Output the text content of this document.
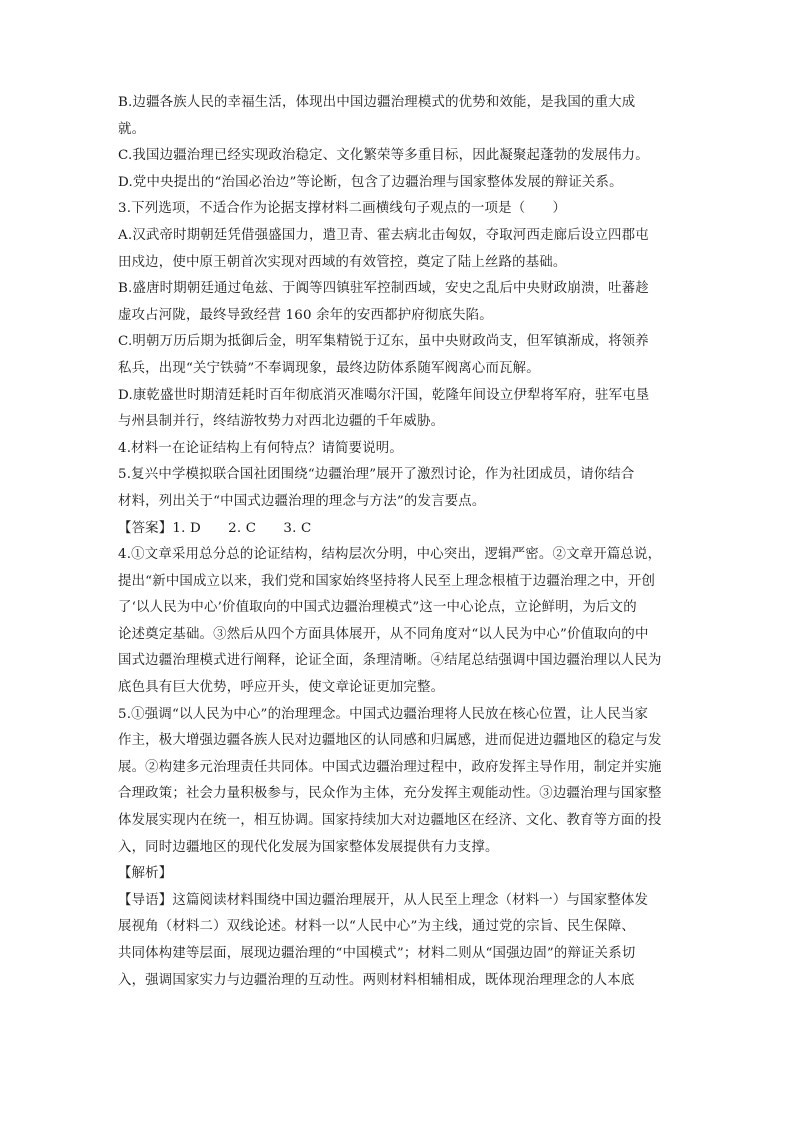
B.边疆各族人民的幸福生活，体现出中国边疆治理模式的优势和效能，是我国的重大成

就。

C.我国边疆治理已经实现政治稳定、文化繁荣等多重目标，因此凝聚起蓬勃的发展伟力。

D.党中央提出的“治国必治边”等论断，包含了边疆治理与国家整体发展的辩证关系。

3.下列选项，不适合作为论据支撑材料二画横线句子观点的一项是（　　）

A.汉武帝时期朝廷凭借强盛国力，遣卫青、霍去病北击匈奴，夺取河西走廊后设立四郡屯

田戍边，使中原王朝首次实现对西域的有效管控，奠定了陆上丝路的基础。

B.盛唐时期朝廷通过龟兹、于阗等四镇驻军控制西域，安史之乱后中央财政崩溃，吐蕃趁

虚攻占河陇，最终导致经营 160 余年的安西都护府彻底失陷。

C.明朝万历后期为抵御后金，明军集精锐于辽东，虽中央财政尚支，但军镇渐成，将领养

私兵，出现“关宁铁骑”不奉调现象，最终边防体系随军阀离心而瓦解。

D.康乾盛世时期清廷耗时百年彻底消灭准噶尔汗国，乾隆年间设立伊犁将军府，驻军屯垦

与州县制并行，终结游牧势力对西北边疆的千年威胁。

4.材料一在论证结构上有何特点？请简要说明。

5.复兴中学模拟联合国社团围绕“边疆治理”展开了激烈讨论，作为社团成员，请你结合

材料，列出关于“中国式边疆治理的理念与方法”的发言要点。

【答案】1. D　　2. C　　3. C

4.①文章采用总分总的论证结构，结构层次分明，中心突出，逻辑严密。②文章开篇总说，

提出“新中国成立以来，我们党和国家始终坚持将人民至上理念根植于边疆治理之中，开创

了‘以人民为中心’价值取向的中国式边疆治理模式”这一中心论点，立论鲜明，为后文的

论述奠定基础。③然后从四个方面具体展开，从不同角度对“以人民为中心”价值取向的中

国式边疆治理模式进行阐释，论证全面，条理清晰。④结尾总结强调中国边疆治理以人民为

底色具有巨大优势，呼应开头，使文章论证更加完整。

5.①强调“以人民为中心”的治理理念。中国式边疆治理将人民放在核心位置，让人民当家

作主，极大增强边疆各族人民对边疆地区的认同感和归属感，进而促进边疆地区的稳定与发

展。②构建多元治理责任共同体。中国式边疆治理过程中，政府发挥主导作用，制定并实施

合理政策；社会力量积极参与，民众作为主体，充分发挥主观能动性。③边疆治理与国家整

体发展实现内在统一，相互协调。国家持续加大对边疆地区在经济、文化、教育等方面的投

入，同时边疆地区的现代化发展为国家整体发展提供有力支撑。

【解析】

【导语】这篇阅读材料围绕中国边疆治理展开，从人民至上理念（材料一）与国家整体发

展视角（材料二）双线论述。材料一以“人民中心”为主线，通过党的宗旨、民生保障、

共同体构建等层面，展现边疆治理的“中国模式”；材料二则从“国强边固”的辩证关系切

入，强调国家实力与边疆治理的互动性。两则材料相辅相成，既体现治理理念的人本底
